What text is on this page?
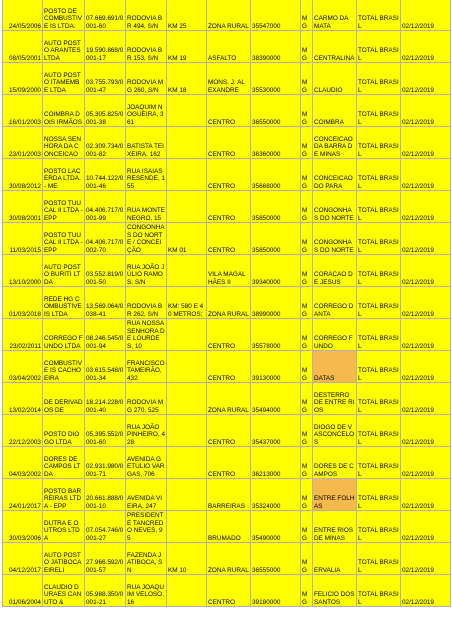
24/05/2006	POSTO DE COMBUSTIVE IS LTDA.	07.669.691/0001-60	RODOVIA BR 494, S/N	KM 25	ZONA RURAL	35547000	MG	CARMO DA MATA	TOTAL BRASIL	02/12/2019
08/05/2001	AUTO POSTO ARANTES LTDA	19.590.868/0001-17	RODOVIA BR 153, S/N	KM 19	ASFALTO	38390000	MG	CENTRALINA	TOTAL BRASIL	02/12/2019
15/09/2000	AUTO POSTO ITAMEMBE LTDA	03.755.793/0001-47	RODOVIA MG 260, S/N	KM 18	MONS. J. ALEXANDRE	35530000	MG	CLAUDIO	TOTAL BRASIL	02/12/2019
16/01/2003	COIMBRA DOIS IRMÃOS	05.305.825/0001-38	JOAQUIM NOGUEIRA, 361		CENTRO	36550000	MG	COIMBRA	TOTAL BRASIL	02/12/2019
23/01/2003	NOSSA SENHORA DA CONCEICAO	02.309.734/0001-82	BATISTA TEIXEIRA, 162		CENTRO	36360000	MG	CONCEICAO DA BARRA DE MINAS	TOTAL BRASIL	02/12/2019
30/08/2012	POSTO LACERDA LTDA. - ME	10.744.122/0001-46	RUA ISAIAS RESENDE, 155		CENTRO	35668000	MG	CONCEICAO DO PARA	TOTAL BRASIL	02/12/2019
30/08/2001	POSTO TUUCAL II LTDA - EPP	04.406.717/0001-99	RUA MONTE NEGRO, 15		CENTRO	35850000	MG	CONGONHAS DO NORTE	TOTAL BRASIL	02/12/2019
11/03/2015	POSTO TUUCAL II LTDA - EPP	04.406.717/0002-70	CONGONHAS DO NORTE / CONCEIÇÃO	KM 01	CENTRO	35850000	MG	CONGONHAS DO NORTE	TOTAL BRASIL	02/12/2019
13/10/2000	AUTO POSTO BURITI LTDA	03.552.819/0001-50	RUA JOÃO JÚLIO RAMOS, S/N		VILA MAGALHÃES II	39340000	MG	CORACAO DE JESUS	TOTAL BRASIL	02/12/2019
01/03/2018	REDE HG COMBUSTIVE IS LTDA	13.569.064/0038-41	RODOVIA BR 262, S/N	KM: 580 E 40 METROS;	ZONA RURAL	38990000	MG	CORREGO DANTA	TOTAL BRASIL	02/12/2019
23/02/2011	CORREGO FUNDO LTDA	08.246.545/0001-94	RUA NOSSA SENHORA DE LOURDES, 10		CENTRO	35578000	MG	CORREGO FUNDO	TOTAL BRASIL	02/12/2019
03/04/2002	COMBUSTIVE IS CACHOEIRA	03.615.548/0001-34	FRANCISCO TAMEIRÃO, 432		CENTRO	39130000	MG	DATAS	TOTAL BRASIL	02/12/2019
13/02/2014	DE DERIVADOS DE	18.214.228/0001-40	RODOVIA MG 270, 525		ZONA RURAL	35494000	MG	DESTERRO DE ENTRE RIOS	TOTAL BRASIL	02/12/2019
22/12/2003	POSTO DIOGO LTDA	05.395.552/0001-60	RUA JOÃO PINHEIRO, 428		CENTRO	35437000	MG	DIOGO DE VASCONCELOS	TOTAL BRASIL	02/12/2019
04/03/2002	DORES DE CAMPOS LTDA	02.931.980/0001-71	AVENIDA GETULIO VARGAS, 706		CENTRO	36213000	MG	DORES DE CAMPOS	TOTAL BRASIL	02/12/2019
24/01/2017	POSTO BARREIRAS LTDA - EPP	20.661.888/0001-10	AVENIDA VIEIRA, 247		BARREIRAS	35324000	MG	ENTRE FOLHAS	TOTAL BRASIL	02/12/2019
30/03/2006	DUTRA E OUTROS LTDA	07.054.746/0001-27	PRESIDENTE TANCREDO NEVES, 95		BRUMADO	35490000	MG	ENTRE RIOS DE MINAS	TOTAL BRASIL	02/12/2019
04/12/2017	AUTO POSTO JATIBOCA EIRELI	27.966.592/0001-57	FAZENDA JATIBOCA, SN	KM 10	ZONA RURAL	36555000	MG	ERVALIA	TOTAL BRASIL	02/12/2019
01/06/2004	CLAUDIO DURAES CANUTO &	05.988.350/0001-21	RUA JOAQUIM VELOSO, 16		CENTRO	39180000	MG	FELICIO DOS SANTOS	TOTAL BRASIL	02/12/2019
